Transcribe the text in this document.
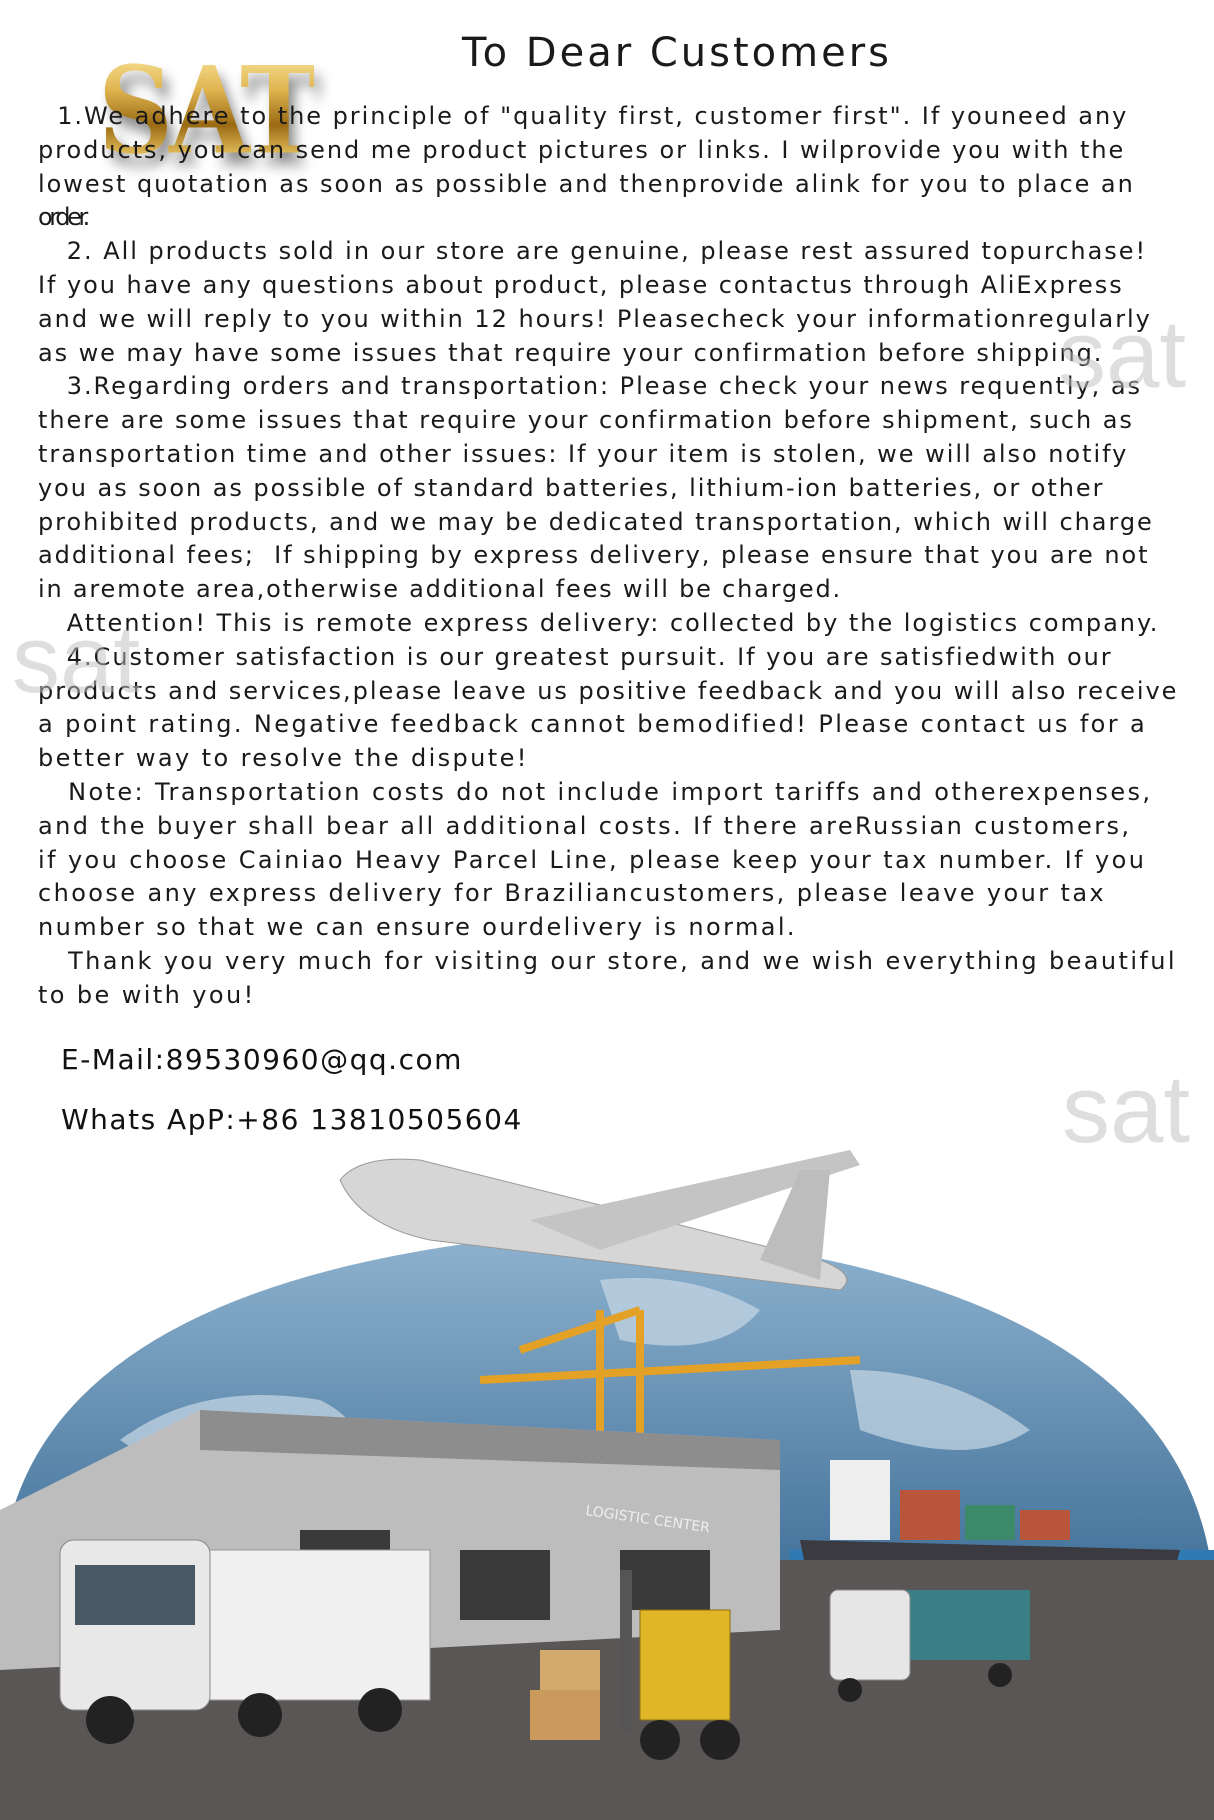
SAT	To Dear Customers
1.We adhere to the principle of "quality first, customer first". If youneed any
products, you can send me product pictures or links. I wilprovide you with the
lowest quotation as soon as possible and thenprovide alink for you to place an
order.
2. All products sold in our store are genuine, please rest assured topurchase!
If you have any questions about product, please contactus through AliExpress
and we will reply to you within 12 hours! Pleasecheck your informationregularly
as we may have some issues that require your confirmation before shipping.
3.Regarding orders and transportation: Please check your news requently, as
there are some issues that require your confirmation before shipment, such as
transportation time and other issues: If your item is stolen, we will also notify
you as soon as possible of standard batteries, lithium-ion batteries, or other
prohibited products, and we may be dedicated transportation, which will charge
additional fees;  If shipping by express delivery, please ensure that you are not
in aremote area,otherwise additional fees will be charged.
Attention! This is remote express delivery: collected by the logistics company.
4.Customer satisfaction is our greatest pursuit. If you are satisfiedwith our
products and services,please leave us positive feedback and you will also receive
a point rating. Negative feedback cannot bemodified! Please contact us for a
better way to resolve the dispute!
Note: Transportation costs do not include import tariffs and otherexpenses,
and the buyer shall bear all additional costs. If there areRussian customers,
if you choose Cainiao Heavy Parcel Line, please keep your tax number. If you
choose any express delivery for Braziliancustomers, please leave your tax
number so that we can ensure ourdelivery is normal.
Thank you very much for visiting our store, and we wish everything beautiful
to be with you!
sat
sat
sat
E-Mail:89530960@qq.com
Whats ApP:+86 13810505604
LOGISTIC CENTER
